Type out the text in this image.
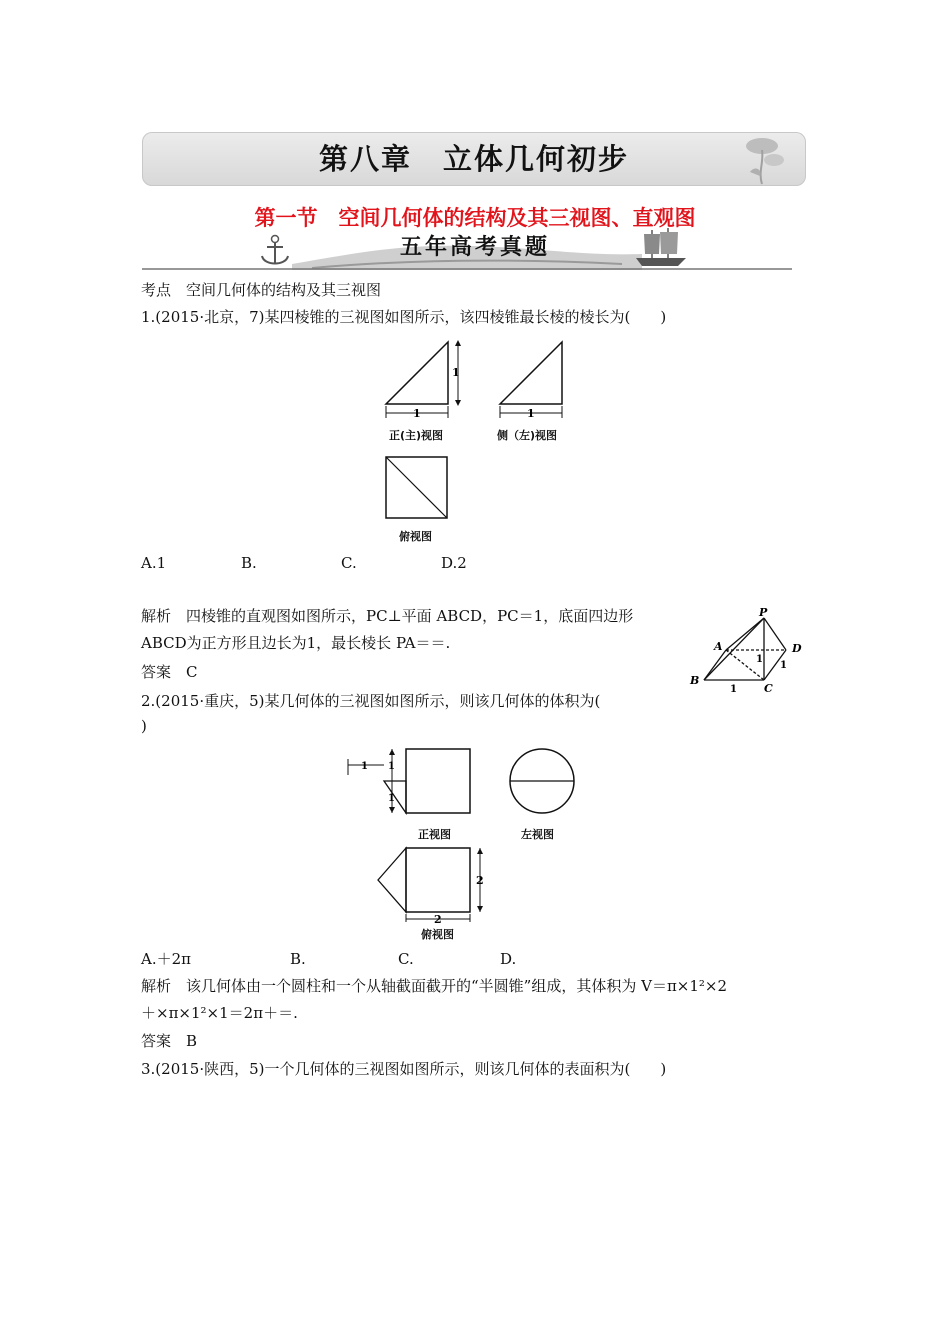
第八章　立体几何初步
第一节　空间几何体的结构及其三视图、直观图
五年高考真题
考点　空间几何体的结构及其三视图
1.(2015·北京，7)某四棱锥的三视图如图所示，该四棱锥最长棱的棱长为(　　)
1
1	1
正(主)视图	侧（左)视图
俯视图
A.1	B.	C.	D.2
解析　四棱锥的直观图如图所示，PC⊥平面 ABCD，PC＝1，底面四边形
ABCD为正方形且边长为1，最长棱长 PA＝＝.
答案　C
P
A
B
C
D
1
1
1
2.(2015·重庆，5)某几何体的三视图如图所示，则该几何体的体积为(
)
1
1
1
正视图	左视图
2
2
俯视图
A.＋2π	B.	C.	D.
解析　该几何体由一个圆柱和一个从轴截面截开的“半圆锥”组成，其体积为 V＝π×1²×2
＋×π×1²×1＝2π＋＝.
答案　B
3.(2015·陕西，5)一个几何体的三视图如图所示，则该几何体的表面积为(　　)
